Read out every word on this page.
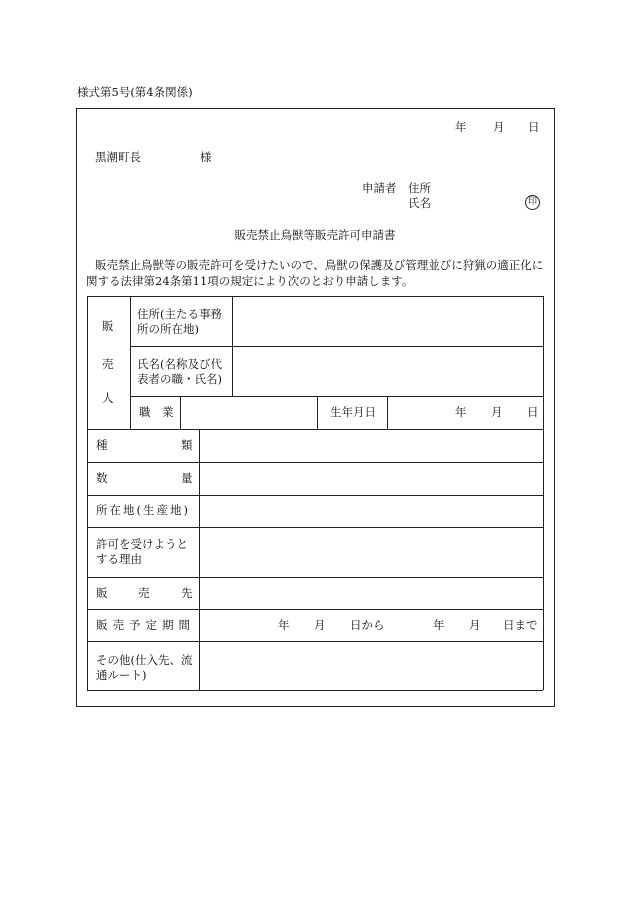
様式第5号(第4条関係)
年 月 日
黒潮町長	様
申請者 住所
氏名	印
販売禁止鳥獣等販売許可申請書
販売禁止鳥獣等の販売許可を受けたいので、鳥獣の保護及び管理並びに狩猟の適正化に
関する法律第24条第11項の規定により次のとおり申請します。
販
売
人
住所(主たる事務
所の所在地)
氏名(名称及び代
表者の職・氏名)
職 業	生年月日	年 月 日
種	類
数	量
所在地(生産地)
許可を受けようと
する理由
販	売	先
販売予定期間	年 月 日から	年 月 日まで
その他(仕入先、流
通ルート)
